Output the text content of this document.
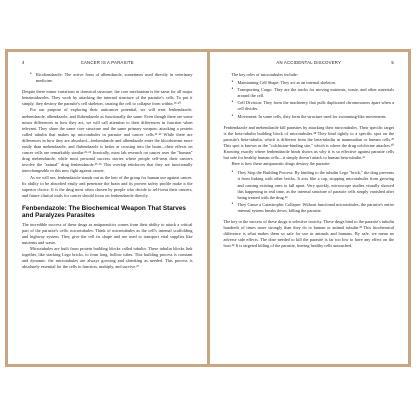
4	CANCER IS A PARASITE
• Ricobendazole: The active form of albendazole, sometimes used directly in veterinary medicine.

Despite these minor variations in chemical structure, the core mechanism is the same for all major benzimidazoles. They work by attacking the internal structure of the parasite's cells. To put it simply, they destroy the parasite's cell skeleton, causing the cell to collapse from within.¹⁹·²⁰

For our purpose of exploring their anticancer potential, we will treat fenbendazole, mebendazole, albendazole, and flubendazole as functionally the same. Even though there are some minor differences in how they act, we will call attention to their differences in function when relevant. They share the same core structure and the same primary weapon: attacking a protein called tubulin that makes up microtubules in parasite and cancer cells.²¹·²² While there are differences in how they are absorbed—fenbendazole and albendazole enter the bloodstream more easily than mebendazole, and flubendazole is better at crossing into the brain—their effects on cancer cells are remarkably similar.²³·²⁴ Ironically, most lab research on cancer uses the "human" drug mebendazole, while most personal success stories where people self-treat their cancers involve the "animal" drug fenbendazole.²⁵·²⁶ This overlap reinforces that they are functionally interchangeable in this new fight against cancer.

As we will see, fenbendazole stands out as the heir of the group for human use against cancer. Its ability to be absorbed easily and penetrate the brain and its proven safety profile make it the superior choice. It is the drug most often chosen by people who decide to self-treat their cancers, and future clinical trials for cancer should focus on fenbendazole directly.

Fenbendazole: The Biochemical Weapon That Starves and Paralyzes Parasites

The incredible success of these drugs as antiparasitics comes from their ability to attack a critical part of the parasite's cells: microtubules. Think of microtubules as the cell's internal scaffolding and highway system. They give the cell its shape and are used to transport vital supplies like nutrients and waste.

Microtubules are built from protein building blocks called tubulin. These tubulin blocks link together, like stacking Lego bricks, to form long, hollow tubes. This building process is constant and dynamic: the microtubules are always growing and shrinking as needed. This process is absolutely essential for the cells to function, multiply, and survive.²⁷

AN ACCIDENTAL DISCOVERY	5

The key roles of microtubules include:

• Maintaining Cell Shape: They act as an internal skeleton.
• Transporting Cargo: They are the tracks for moving nutrients, waste, and other materials around the cell.
• Cell Division: They form the machinery that pulls duplicated chromosomes apart when a cell divides.
• Movement: In some cells, they form the structure used for swimming-like movements.

Fenbendazole and mebendazole kill parasites by attacking their microtubules. Their specific target is the beta-tubulin building block of microtubules.²⁸ They bind tightly to a specific spot on the parasite's beta-tubulin, which is different from the beta-tubulin in mammalian or human cells.²⁹ This spot is known as the "colchicine-binding site," which is where the drug colchicine attaches.³⁰ Knowing exactly where fenbendazole binds shows us why it is so effective against parasite cells but safe for healthy human cells—it simply doesn't attach to human beta-tubulin.³¹

Here is how these antiparasitic drugs destroy the parasite:

• They Stop the Building Process: By binding to the tubulin Lego "brick," the drug prevents it from linking with other bricks. It acts like a cap, stopping microtubules from growing and causing existing ones to fall apart. Very quickly, microscope studies visually showed this happening in real time, as the internal structure of parasite cells simply vanished after being treated with the drug.³²
• They Cause a Catastrophic Collapse: Without functional microtubules, the parasite's entire internal system breaks down, killing the parasite.

The key to the success of these drugs is selective toxicity. These drugs bind to the parasite's tubulin hundreds of times more strongly than they do to human or animal tubulin.³³ This biochemical difference is what makes them so safe for use in animals and humans. By safe, we mean no adverse side effects. The dose needed to kill the parasite is far too low to have any effect on the host.³⁴ It is targeted killing of the parasite, leaving healthy cells untouched.
